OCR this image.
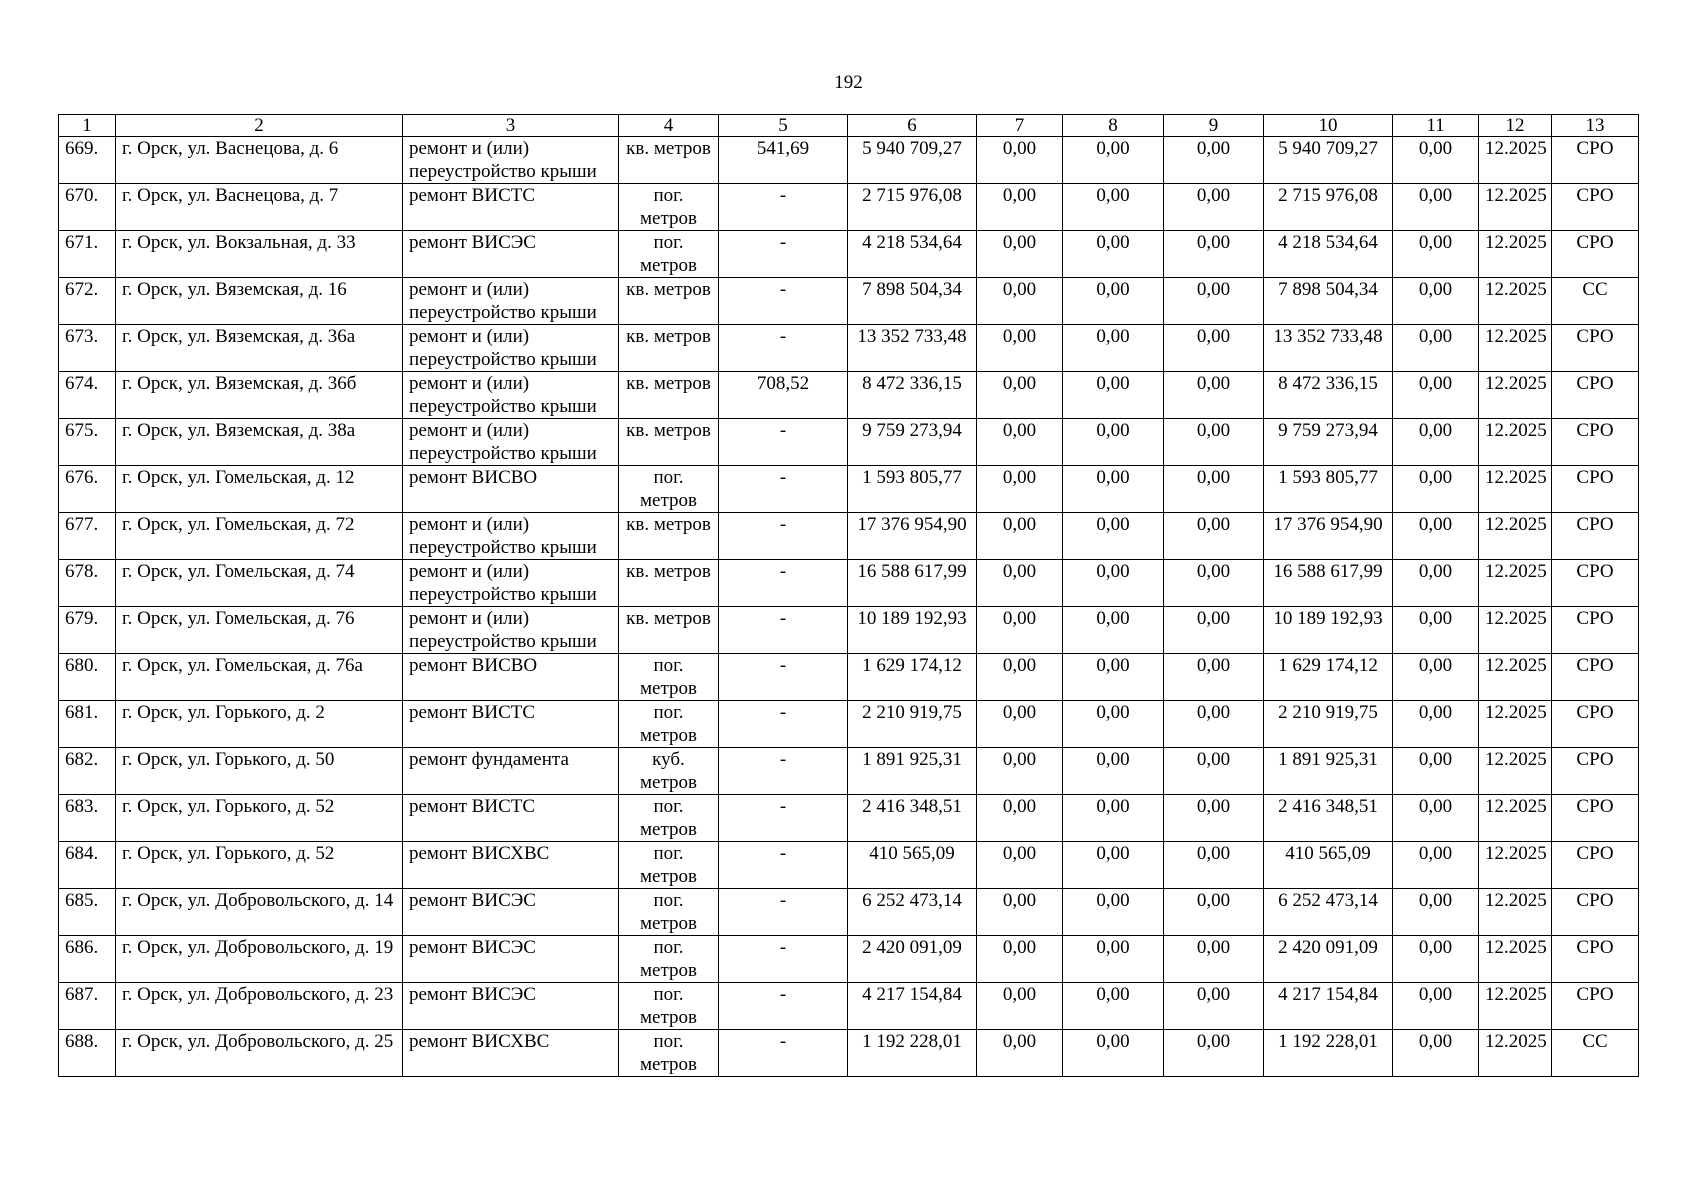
192
1	2	3	4	5	6	7	8	9	10	11	12	13
669.	г. Орск, ул. Васнецова, д. 6	ремонт и (или) переустройство крыши	кв. метров	541,69	5 940 709,27	0,00	0,00	0,00	5 940 709,27	0,00	12.2025	СРО
670.	г. Орск, ул. Васнецова, д. 7	ремонт ВИСТС	пог. метров	-	2 715 976,08	0,00	0,00	0,00	2 715 976,08	0,00	12.2025	СРО
671.	г. Орск, ул. Вокзальная, д. 33	ремонт ВИСЭС	пог. метров	-	4 218 534,64	0,00	0,00	0,00	4 218 534,64	0,00	12.2025	СРО
672.	г. Орск, ул. Вяземская, д. 16	ремонт и (или) переустройство крыши	кв. метров	-	7 898 504,34	0,00	0,00	0,00	7 898 504,34	0,00	12.2025	СС
673.	г. Орск, ул. Вяземская, д. 36а	ремонт и (или) переустройство крыши	кв. метров	-	13 352 733,48	0,00	0,00	0,00	13 352 733,48	0,00	12.2025	СРО
674.	г. Орск, ул. Вяземская, д. 36б	ремонт и (или) переустройство крыши	кв. метров	708,52	8 472 336,15	0,00	0,00	0,00	8 472 336,15	0,00	12.2025	СРО
675.	г. Орск, ул. Вяземская, д. 38а	ремонт и (или) переустройство крыши	кв. метров	-	9 759 273,94	0,00	0,00	0,00	9 759 273,94	0,00	12.2025	СРО
676.	г. Орск, ул. Гомельская, д. 12	ремонт ВИСВО	пог. метров	-	1 593 805,77	0,00	0,00	0,00	1 593 805,77	0,00	12.2025	СРО
677.	г. Орск, ул. Гомельская, д. 72	ремонт и (или) переустройство крыши	кв. метров	-	17 376 954,90	0,00	0,00	0,00	17 376 954,90	0,00	12.2025	СРО
678.	г. Орск, ул. Гомельская, д. 74	ремонт и (или) переустройство крыши	кв. метров	-	16 588 617,99	0,00	0,00	0,00	16 588 617,99	0,00	12.2025	СРО
679.	г. Орск, ул. Гомельская, д. 76	ремонт и (или) переустройство крыши	кв. метров	-	10 189 192,93	0,00	0,00	0,00	10 189 192,93	0,00	12.2025	СРО
680.	г. Орск, ул. Гомельская, д. 76а	ремонт ВИСВО	пог. метров	-	1 629 174,12	0,00	0,00	0,00	1 629 174,12	0,00	12.2025	СРО
681.	г. Орск, ул. Горького, д. 2	ремонт ВИСТС	пог. метров	-	2 210 919,75	0,00	0,00	0,00	2 210 919,75	0,00	12.2025	СРО
682.	г. Орск, ул. Горького, д. 50	ремонт фундамента	куб. метров	-	1 891 925,31	0,00	0,00	0,00	1 891 925,31	0,00	12.2025	СРО
683.	г. Орск, ул. Горького, д. 52	ремонт ВИСТС	пог. метров	-	2 416 348,51	0,00	0,00	0,00	2 416 348,51	0,00	12.2025	СРО
684.	г. Орск, ул. Горького, д. 52	ремонт ВИСХВС	пог. метров	-	410 565,09	0,00	0,00	0,00	410 565,09	0,00	12.2025	СРО
685.	г. Орск, ул. Добровольского, д. 14	ремонт ВИСЭС	пог. метров	-	6 252 473,14	0,00	0,00	0,00	6 252 473,14	0,00	12.2025	СРО
686.	г. Орск, ул. Добровольского, д. 19	ремонт ВИСЭС	пог. метров	-	2 420 091,09	0,00	0,00	0,00	2 420 091,09	0,00	12.2025	СРО
687.	г. Орск, ул. Добровольского, д. 23	ремонт ВИСЭС	пог. метров	-	4 217 154,84	0,00	0,00	0,00	4 217 154,84	0,00	12.2025	СРО
688.	г. Орск, ул. Добровольского, д. 25	ремонт ВИСХВС	пог. метров	-	1 192 228,01	0,00	0,00	0,00	1 192 228,01	0,00	12.2025	СС
